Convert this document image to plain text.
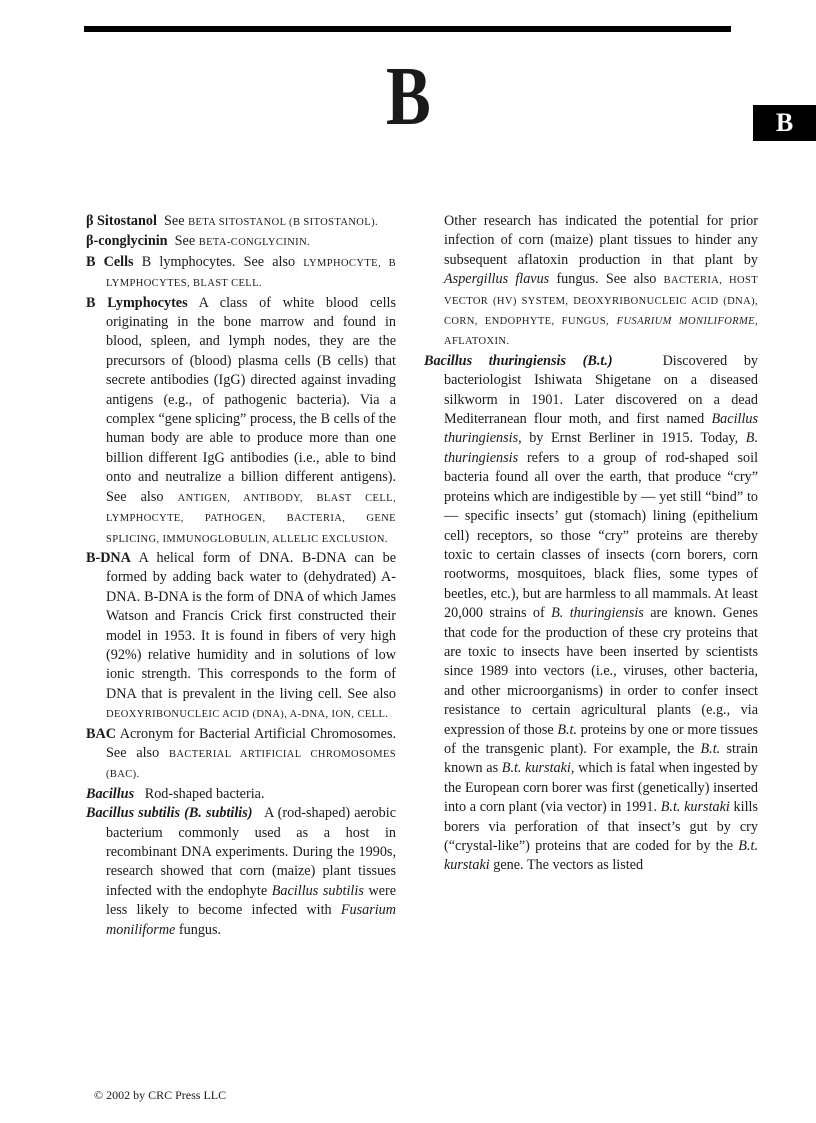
B	B

β Sitostanol See BETA SITOSTANOL (Β SITOSTANOL).

β-conglycinin See BETA-CONGLYCININ.

B Cells B lymphocytes. See also LYMPHOCYTE, B LYMPHOCYTES, BLAST CELL.

B Lymphocytes A class of white blood cells originating in the bone marrow and found in blood, spleen, and lymph nodes, they are the precursors of (blood) plasma cells (B cells) that secrete antibodies (IgG) directed against invading antigens (e.g., of pathogenic bacteria). Via a complex “gene splicing” process, the B cells of the human body are able to produce more than one billion different IgG antibodies (i.e., able to bind onto and neutralize a billion different antigens). See also ANTIGEN, ANTIBODY, BLAST CELL, LYMPHOCYTE, PATHOGEN, BACTERIA, GENE SPLICING, IMMUNOGLOBULIN, ALLELIC EXCLUSION.

B-DNA A helical form of DNA. B-DNA can be formed by adding back water to (dehydrated) A-DNA. B-DNA is the form of DNA of which James Watson and Francis Crick first constructed their model in 1953. It is found in fibers of very high (92%) relative humidity and in solutions of low ionic strength. This corresponds to the form of DNA that is prevalent in the living cell. See also DEOXYRIBONUCLEIC ACID (DNA), A-DNA, ION, CELL.

BAC Acronym for Bacterial Artificial Chromosomes. See also BACTERIAL ARTIFICIAL CHROMOSOMES (BAC).

Bacillus Rod-shaped bacteria.

Bacillus subtilis (B. subtilis) A (rod-shaped) aerobic bacterium commonly used as a host in recombinant DNA experiments. During the 1990s, research showed that corn (maize) plant tissues infected with the endophyte Bacillus subtilis were less likely to become infected with Fusarium moniliforme fungus.

Other research has indicated the potential for prior infection of corn (maize) plant tissues to hinder any subsequent aflatoxin production in that plant by Aspergillus flavus fungus. See also BACTERIA, HOST VECTOR (HV) SYSTEM, DEOXYRIBONUCLEIC ACID (DNA), CORN, ENDOPHYTE, FUNGUS, FUSARIUM MONILIFORME, AFLATOXIN.

Bacillus thuringiensis (B.t.)	Discovered by bacteriologist Ishiwata Shigetane on a diseased silkworm in 1901. Later discovered on a dead Mediterranean flour moth, and first named Bacillus thuringiensis, by Ernst Berliner in 1915. Today, B. thuringiensis refers to a group of rod-shaped soil bacteria found all over the earth, that produce “cry” proteins which are indigestible by — yet still “bind” to — specific insects’ gut (stomach) lining (epithelium cell) receptors, so those “cry” proteins are thereby toxic to certain classes of insects (corn borers, corn rootworms, mosquitoes, black flies, some types of beetles, etc.), but are harmless to all mammals. At least 20,000 strains of B. thuringiensis are known. Genes that code for the production of these cry proteins that are toxic to insects have been inserted by scientists since 1989 into vectors (i.e., viruses, other bacteria, and other microorganisms) in order to confer insect resistance to certain agricultural plants (e.g., via expression of those B.t. proteins by one or more tissues of the transgenic plant). For example, the B.t. strain known as B.t. kurstaki, which is fatal when ingested by the European corn borer was first (genetically) inserted into a corn plant (via vector) in 1991. B.t. kurstaki kills borers via perforation of that insect’s gut by cry (“crystal-like”) proteins that are coded for by the B.t. kurstaki gene. The vectors as listed

© 2002 by CRC Press LLC
